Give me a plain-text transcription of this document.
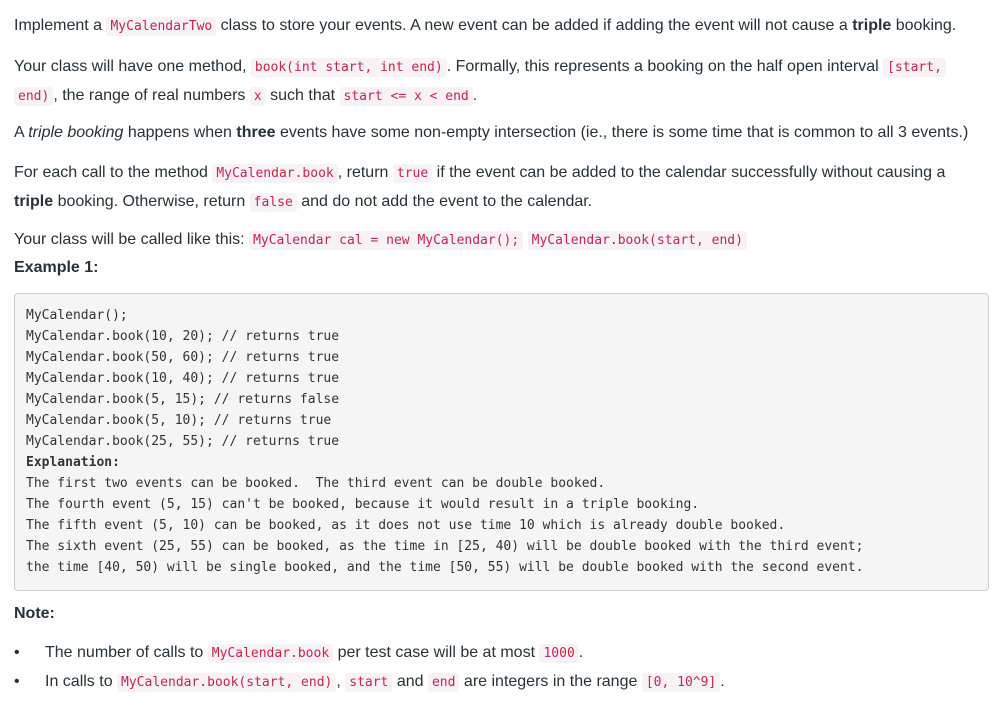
Implement a MyCalendarTwo class to store your events. A new event can be added if adding the event will not cause a triple booking.

Your class will have one method, book(int start, int end) . Formally, this represents a booking on the half open interval [start,
end) , the range of real numbers x such that start <= x < end .

A triple booking happens when three events have some non-empty intersection (ie., there is some time that is common to all 3 events.)

For each call to the method MyCalendar.book , return true if the event can be added to the calendar successfully without causing a
triple booking. Otherwise, return false and do not add the event to the calendar.

Your class will be called like this: MyCalendar cal = new MyCalendar(); MyCalendar.book(start, end)

Example 1:

MyCalendar();
MyCalendar.book(10, 20); // returns true
MyCalendar.book(50, 60); // returns true
MyCalendar.book(10, 40); // returns true
MyCalendar.book(5, 15); // returns false
MyCalendar.book(5, 10); // returns true
MyCalendar.book(25, 55); // returns true
Explanation:
The first two events can be booked.  The third event can be double booked.
The fourth event (5, 15) can't be booked, because it would result in a triple booking.
The fifth event (5, 10) can be booked, as it does not use time 10 which is already double booked.
The sixth event (25, 55) can be booked, as the time in [25, 40) will be double booked with the third event;
the time [40, 50) will be single booked, and the time [50, 55) will be double booked with the second event.

Note:

• The number of calls to MyCalendar.book per test case will be at most 1000 .
• In calls to MyCalendar.book(start, end) , start and end are integers in the range [0, 10^9] .
